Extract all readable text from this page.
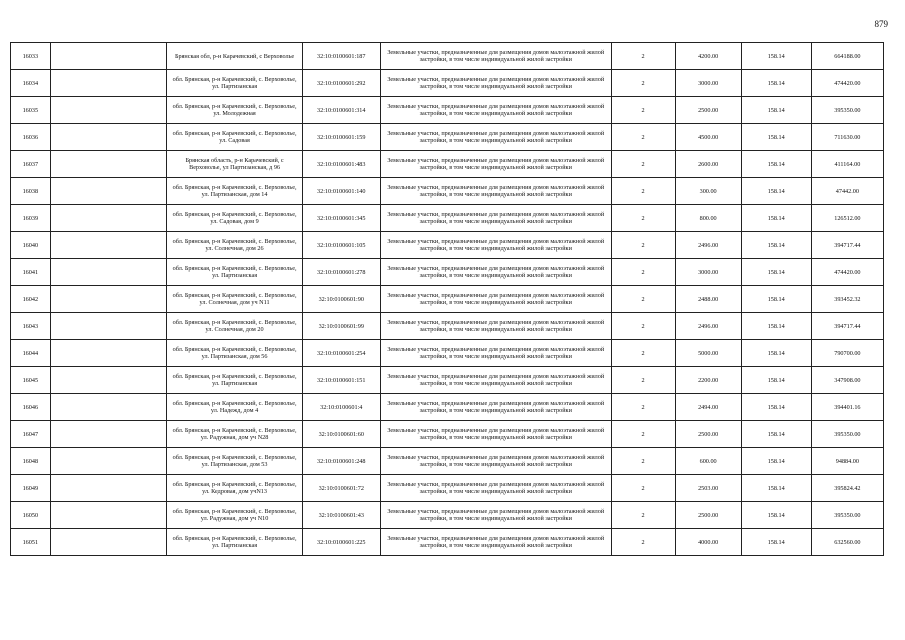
879
16033		Брянская обл, р-н Карачевский, с Верховолье	32:10:0100601:187	Земельные участки, предназначенные для размещения домов малоэтажной жилой застройки, в том числе индивидуальной жилой застройки	2	4200.00	158.14	664188.00
16034		обл. Брянская, р-н Карачевский, с. Верховолье, ул. Партизанская	32:10:0100601:292	Земельные участки, предназначенные для размещения домов малоэтажной жилой застройки, в том числе индивидуальной жилой застройки	2	3000.00	158.14	474420.00
16035		обл. Брянская, р-н Карачевский, с. Верховолье, ул. Молодежная	32:10:0100601:314	Земельные участки, предназначенные для размещения домов малоэтажной жилой застройки, в том числе индивидуальной жилой застройки	2	2500.00	158.14	395350.00
16036		обл. Брянская, р-н Карачевский, с. Верховолье, ул. Садовая	32:10:0100601:159	Земельные участки, предназначенные для размещения домов малоэтажной жилой застройки, в том числе индивидуальной жилой застройки	2	4500.00	158.14	711630.00
16037		Брянская область, р-н Карачевский, с Верховолье, ул Партизанская, д 96	32:10:0100601:483	Земельные участки, предназначенные для размещения домов малоэтажной жилой застройки, в том числе индивидуальной жилой застройки	2	2600.00	158.14	411164.00
16038		обл. Брянская, р-н Карачевский, с. Верховолье, ул. Партизанская, дом 14	32:10:0100601:140	Земельные участки, предназначенные для размещения домов малоэтажной жилой застройки, в том числе индивидуальной жилой застройки	2	300.00	158.14	47442.00
16039		обл. Брянская, р-н Карачевский, с. Верховолье, ул. Садовая, дом 9	32:10:0100601:345	Земельные участки, предназначенные для размещения домов малоэтажной жилой застройки, в том числе индивидуальной жилой застройки	2	800.00	158.14	126512.00
16040		обл. Брянская, р-н Карачевский, с. Верховолье, ул. Солнечная, дом 26	32:10:0100601:105	Земельные участки, предназначенные для размещения домов малоэтажной жилой застройки, в том числе индивидуальной жилой застройки	2	2496.00	158.14	394717.44
16041		обл. Брянская, р-н Карачевский, с. Верховолье, ул. Партизанская	32:10:0100601:278	Земельные участки, предназначенные для размещения домов малоэтажной жилой застройки, в том числе индивидуальной жилой застройки	2	3000.00	158.14	474420.00
16042		обл. Брянская, р-н Карачевский, с. Верховолье, ул. Солнечная, дом уч N11	32:10:0100601:90	Земельные участки, предназначенные для размещения домов малоэтажной жилой застройки, в том числе индивидуальной жилой застройки	2	2488.00	158.14	393452.32
16043		обл. Брянская, р-н Карачевский, с. Верховолье, ул. Солнечная, дом 20	32:10:0100601:99	Земельные участки, предназначенные для размещения домов малоэтажной жилой застройки, в том числе индивидуальной жилой застройки	2	2496.00	158.14	394717.44
16044		обл. Брянская, р-н Карачевский, с. Верховолье, ул. Партизанская, дом 56	32:10:0100601:254	Земельные участки, предназначенные для размещения домов малоэтажной жилой застройки, в том числе индивидуальной жилой застройки	2	5000.00	158.14	790700.00
16045		обл. Брянская, р-н Карачевский, с. Верховолье, ул. Партизанская	32:10:0100601:151	Земельные участки, предназначенные для размещения домов малоэтажной жилой застройки, в том числе индивидуальной жилой застройки	2	2200.00	158.14	347908.00
16046		обл. Брянская, р-н Карачевский, с. Верховолье, ул. Надежд, дом 4	32:10:0100601:4	Земельные участки, предназначенные для размещения домов малоэтажной жилой застройки, в том числе индивидуальной жилой застройки	2	2494.00	158.14	394401.16
16047		обл. Брянская, р-н Карачевский, с. Верховолье, ул. Радужная, дом уч N28	32:10:0100601:60	Земельные участки, предназначенные для размещения домов малоэтажной жилой застройки, в том числе индивидуальной жилой застройки	2	2500.00	158.14	395350.00
16048		обл. Брянская, р-н Карачевский, с. Верховолье, ул. Партизанская, дом 53	32:10:0100601:248	Земельные участки, предназначенные для размещения домов малоэтажной жилой застройки, в том числе индивидуальной жилой застройки	2	600.00	158.14	94884.00
16049		обл. Брянская, р-н Карачевский, с. Верховолье, ул. Кедровая, дом учN13	32:10:0100601:72	Земельные участки, предназначенные для размещения домов малоэтажной жилой застройки, в том числе индивидуальной жилой застройки	2	2503.00	158.14	395824.42
16050		обл. Брянская, р-н Карачевский, с. Верховолье, ул. Радужная, дом уч N10	32:10:0100601:43	Земельные участки, предназначенные для размещения домов малоэтажной жилой застройки, в том числе индивидуальной жилой застройки	2	2500.00	158.14	395350.00
16051		обл. Брянская, р-н Карачевский, с. Верховолье, ул. Партизанская	32:10:0100601:225	Земельные участки, предназначенные для размещения домов малоэтажной жилой застройки, в том числе индивидуальной жилой застройки	2	4000.00	158.14	632560.00
